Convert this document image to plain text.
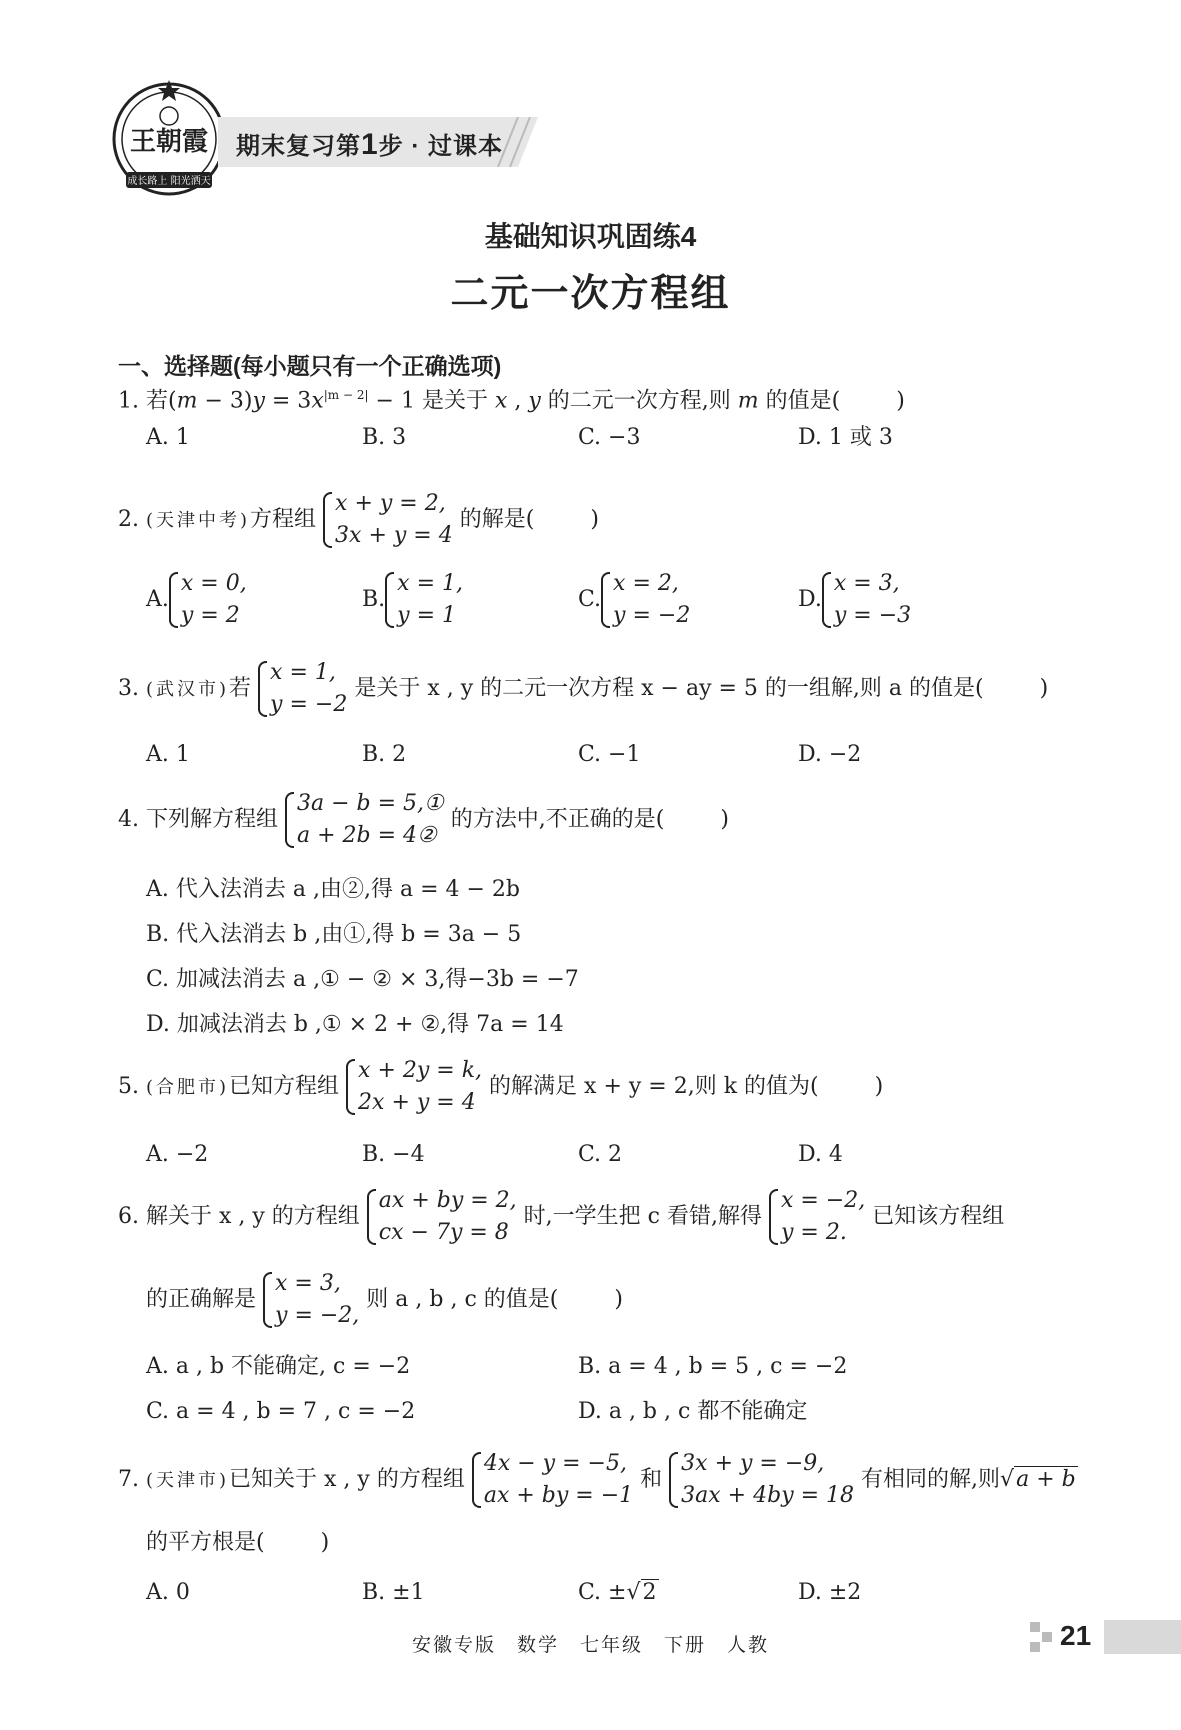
王朝霞
成长路上 阳光洒天
期末复习第1步 · 过课本
基础知识巩固练4
二元一次方程组
一、选择题(每小题只有一个正确选项)
1. 若$(m - 3)y = 3x^{|m - 2|} - 1$ 是关于 x , y 的二元一次方程,则 m 的值是(	)
A. 1	B. 3	C. −3	D. 1 或 3
2. (天津中考)方程组
x + y = 2,
3x + y = 4
的解是(	)
A.
x = 0,
y = 2
B.
x = 1,
y = 1
C.
x = 2,
y = −2
D.
x = 3,
y = −3
3. (武汉市)若
x = 1,
y = −2
是关于 x , y 的二元一次方程 x − ay = 5 的一组解,则 a 的值是(	)
A. 1	B. 2	C. −1	D. −2
4. 下列解方程组
3a − b = 5,①
a + 2b = 4②
的方法中,不正确的是(	)
A. 代入法消去 a ,由②,得 a = 4 − 2b
B. 代入法消去 b ,由①,得 b = 3a − 5
C. 加减法消去 a ,① − ② × 3,得−3b = −7
D. 加减法消去 b ,① × 2 + ②,得 7a = 14
5. (合肥市)已知方程组
x + 2y = k,
2x + y = 4
的解满足 x + y = 2,则 k 的值为(	)
A. −2	B. −4	C. 2	D. 4
6. 解关于 x , y 的方程组
ax + by = 2,
cx − 7y = 8
时,一学生把 c 看错,解得
x = −2,
y = 2.
已知该方程组
的正确解是
x = 3,
y = −2,
则 a , b , c 的值是(	)
A. a , b 不能确定, c = −2	B. a = 4 , b = 5 , c = −2
C. a = 4 , b = 7 , c = −2	D. a , b , c 都不能确定
7. (天津市)已知关于 x , y 的方程组
4x − y = −5,
ax + by = −1
和
3x + y = −9,
3ax + 4by = 18
有相同的解,则√a + b
的平方根是(	)
A. 0	B. ±1	C. ±√2	D. ±2
安徽专版　数学　七年级　下册　人教	21
